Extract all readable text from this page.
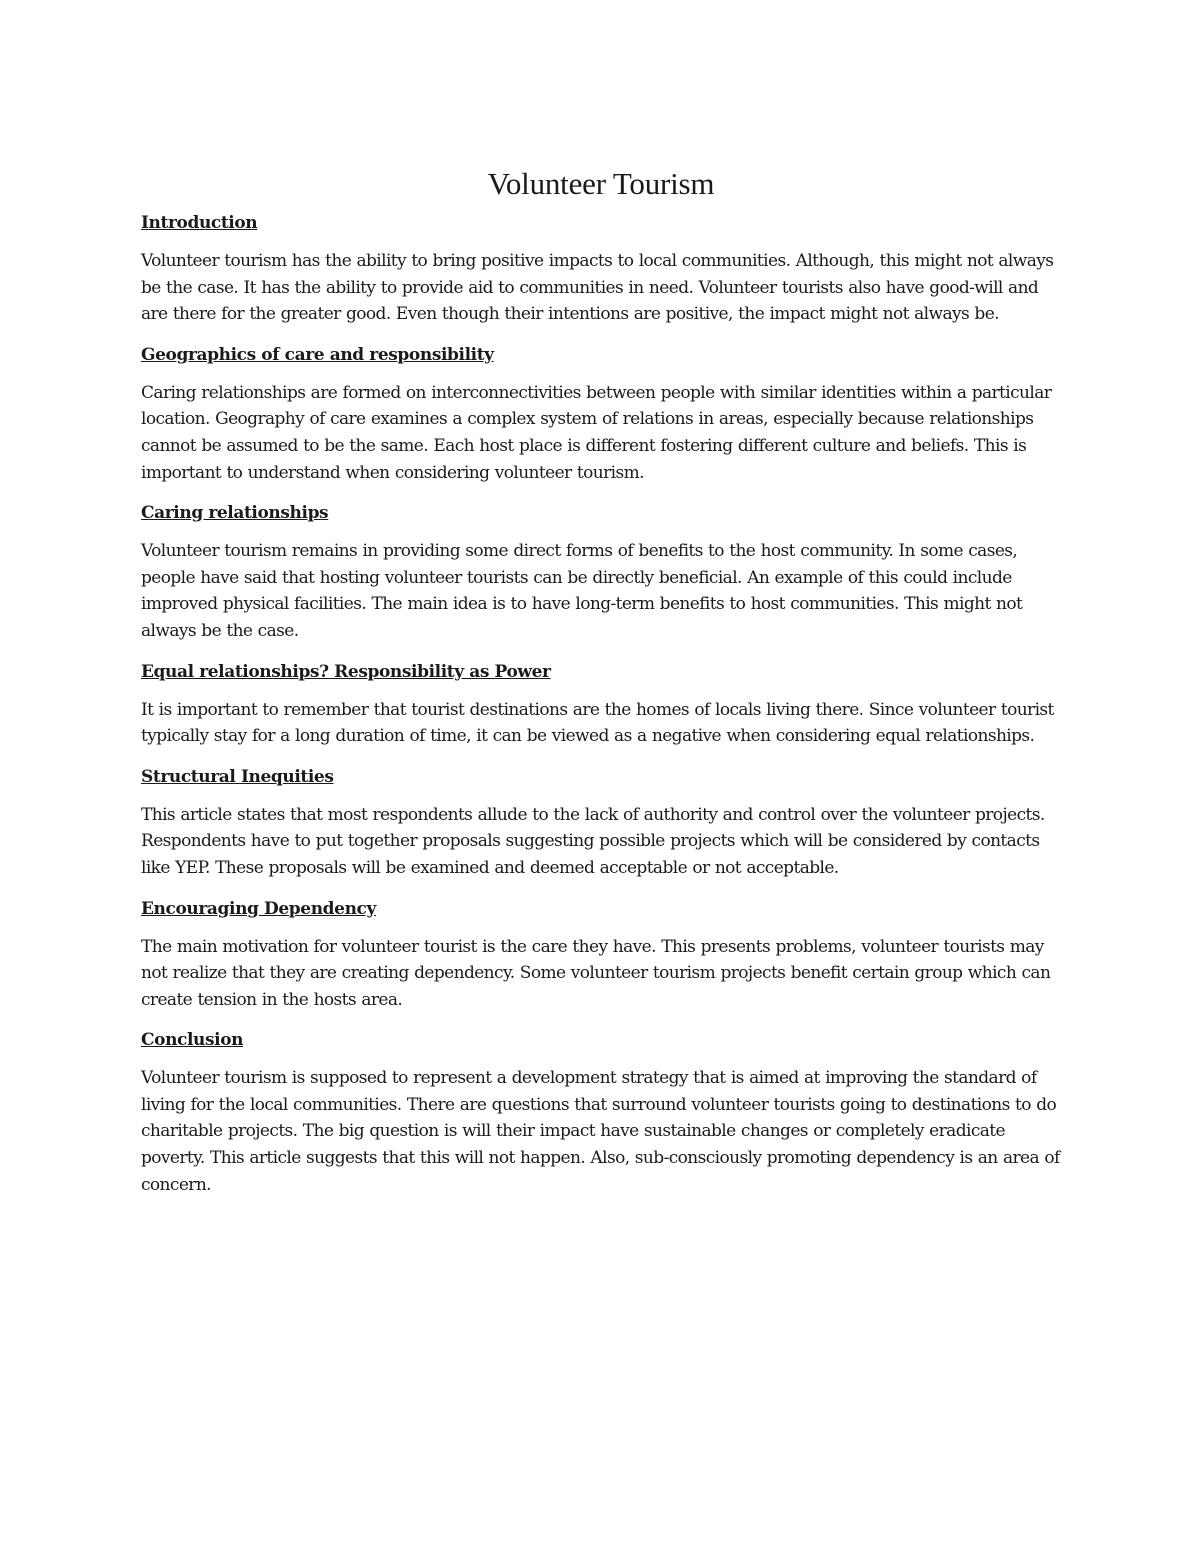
Volunteer Tourism
Introduction

Volunteer tourism has the ability to bring positive impacts to local communities. Although, this might not always be the case. It has the ability to provide aid to communities in need. Volunteer tourists also have good-will and are there for the greater good. Even though their intentions are positive, the impact might not always be.

Geographics of care and responsibility

Caring relationships are formed on interconnectivities between people with similar identities within a particular location. Geography of care examines a complex system of relations in areas, especially because relationships cannot be assumed to be the same. Each host place is different fostering different culture and beliefs. This is important to understand when considering volunteer tourism.

Caring relationships

Volunteer tourism remains in providing some direct forms of benefits to the host community. In some cases, people have said that hosting volunteer tourists can be directly beneficial. An example of this could include improved physical facilities. The main idea is to have long-term benefits to host communities. This might not always be the case.

Equal relationships? Responsibility as Power

It is important to remember that tourist destinations are the homes of locals living there. Since volunteer tourist typically stay for a long duration of time, it can be viewed as a negative when considering equal relationships.

Structural Inequities

This article states that most respondents allude to the lack of authority and control over the volunteer projects. Respondents have to put together proposals suggesting possible projects which will be considered by contacts like YEP. These proposals will be examined and deemed acceptable or not acceptable.

Encouraging Dependency

The main motivation for volunteer tourist is the care they have. This presents problems, volunteer tourists may not realize that they are creating dependency. Some volunteer tourism projects benefit certain group which can create tension in the hosts area.

Conclusion

Volunteer tourism is supposed to represent a development strategy that is aimed at improving the standard of living for the local communities. There are questions that surround volunteer tourists going to destinations to do charitable projects. The big question is will their impact have sustainable changes or completely eradicate poverty. This article suggests that this will not happen. Also, sub-consciously promoting dependency is an area of concern.
